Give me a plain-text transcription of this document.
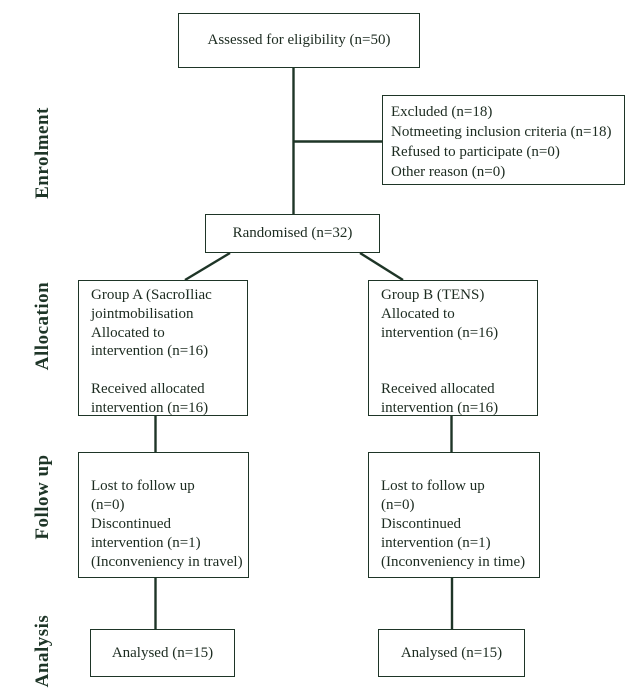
Enrolment
Allocation
Follow up
Analysis
Assessed for eligibility (n=50)
Excluded (n=18)
Notmeeting inclusion criteria (n=18)
Refused to participate (n=0)
Other reason (n=0)
Randomised (n=32)
Group A (SacroIliac
jointmobilisation
Allocated to
intervention (n=16)
Received allocated
intervention (n=16)
Group B (TENS)
Allocated to
intervention (n=16)
Received allocated
intervention (n=16)
Lost to follow up
(n=0)
Discontinued
intervention (n=1)
(Inconveniency in travel)
Lost to follow up
(n=0)
Discontinued
intervention (n=1)
(Inconveniency in time)
Analysed (n=15)	Analysed (n=15)
